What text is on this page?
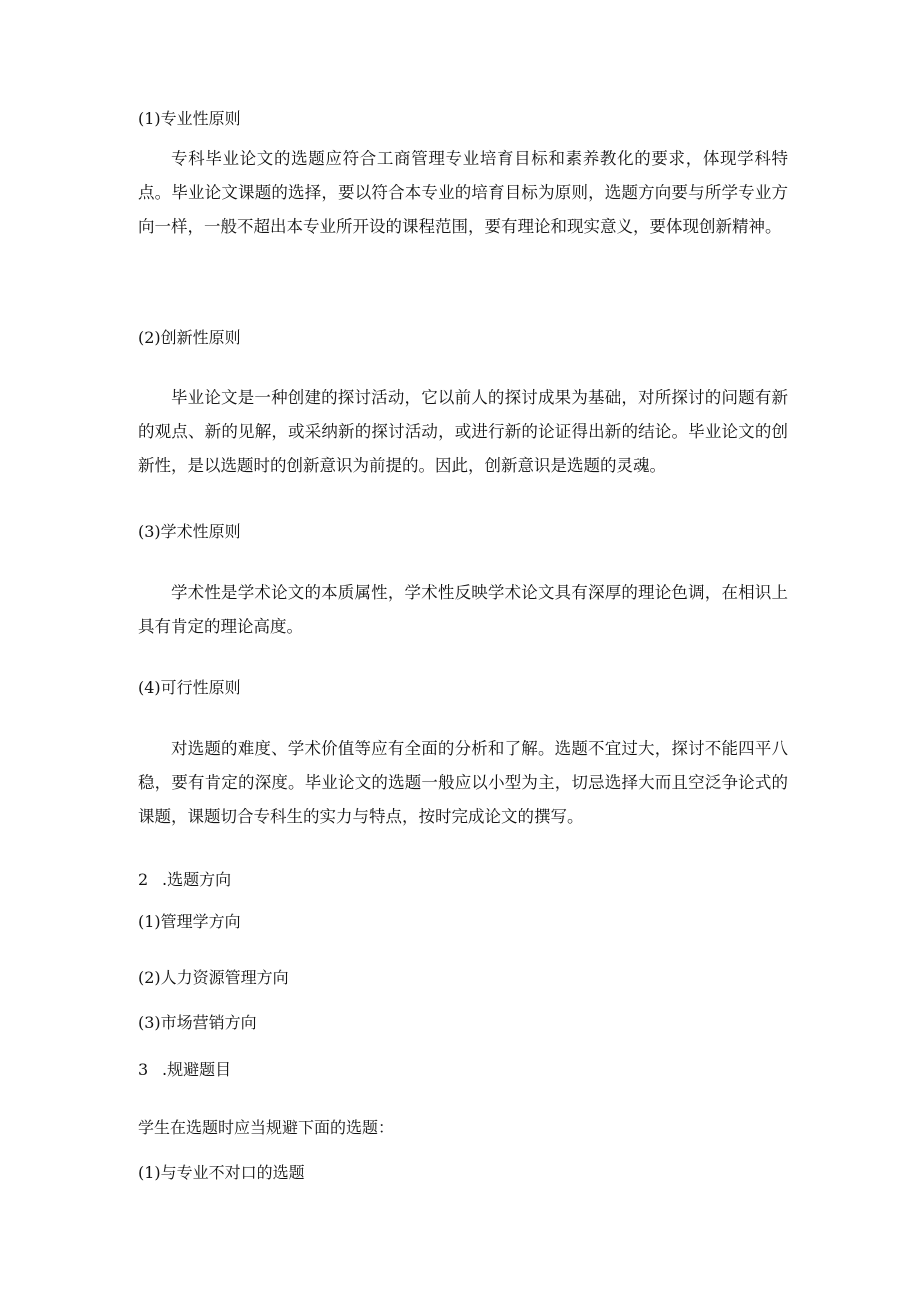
(1)专业性原则
专科毕业论文的选题应符合工商管理专业培育目标和素养教化的要求，体现学科特点。毕业论文课题的选择，要以符合本专业的培育目标为原则，选题方向要与所学专业方向一样，一般不超出本专业所开设的课程范围，要有理论和现实意义，要体现创新精神。
(2)创新性原则
毕业论文是一种创建的探讨活动，它以前人的探讨成果为基础，对所探讨的问题有新的观点、新的见解，或采纳新的探讨活动，或进行新的论证得出新的结论。毕业论文的创新性，是以选题时的创新意识为前提的。因此，创新意识是选题的灵魂。
(3)学术性原则
学术性是学术论文的本质属性，学术性反映学术论文具有深厚的理论色调，在相识上具有肯定的理论高度。
(4)可行性原则
对选题的难度、学术价值等应有全面的分析和了解。选题不宜过大，探讨不能四平八稳，要有肯定的深度。毕业论文的选题一般应以小型为主，切忌选择大而且空泛争论式的课题，课题切合专科生的实力与特点，按时完成论文的撰写。
2 .选题方向
(1)管理学方向
(2)人力资源管理方向
(3)市场营销方向
3 .规避题目
学生在选题时应当规避下面的选题：
(1)与专业不对口的选题
